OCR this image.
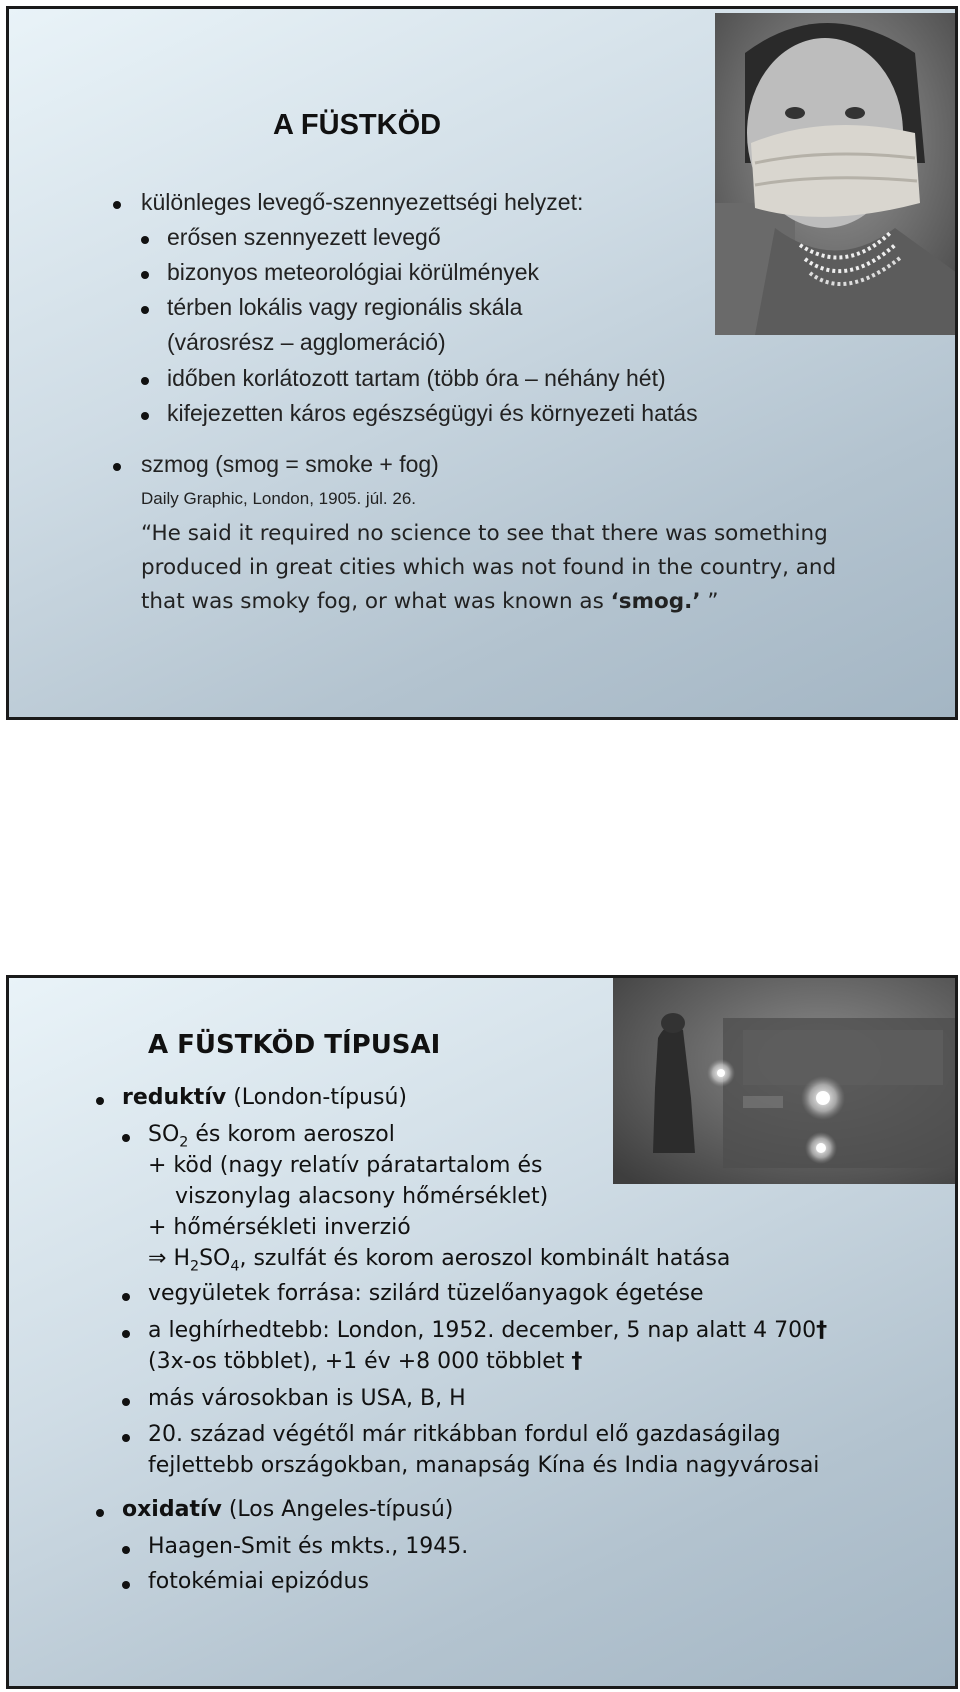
A FÜSTKÖD
különleges levegő-szennyezettségi helyzet:
erősen szennyezett levegő
bizonyos meteorológiai körülmények
térben lokális vagy regionális skála
(városrész – agglomeráció)
időben korlátozott tartam (több óra – néhány hét)
kifejezetten káros egészségügyi és környezeti hatás
szmog (smog = smoke + fog)
Daily Graphic, London, 1905. júl. 26.
“He said it required no science to see that there was something
produced in great cities which was not found in the country, and
that was smoky fog, or what was known as ‘smog.’ ”
A FÜSTKÖD TÍPUSAI
reduktív (London-típusú)
$SO_2$ és korom aeroszol
+ köd (nagy relatív páratartalom és
viszonylag alacsony hőmérséklet)
+ hőmérsékleti inverzió
⇒ $H_2SO_4$, szulfát és korom aeroszol kombinált hatása
vegyületek forrása: szilárd tüzelőanyagok égetése
a leghírhedtebb: London, 1952. december, 5 nap alatt 4 700†
(3x-os többlet), +1 év +8 000 többlet †
más városokban is USA, B, H
20. század végétől már ritkábban fordul elő gazdaságilag
fejlettebb országokban, manapság Kína és India nagyvárosai
oxidatív (Los Angeles-típusú)
Haagen-Smit és mkts., 1945.
fotokémiai epizódus
